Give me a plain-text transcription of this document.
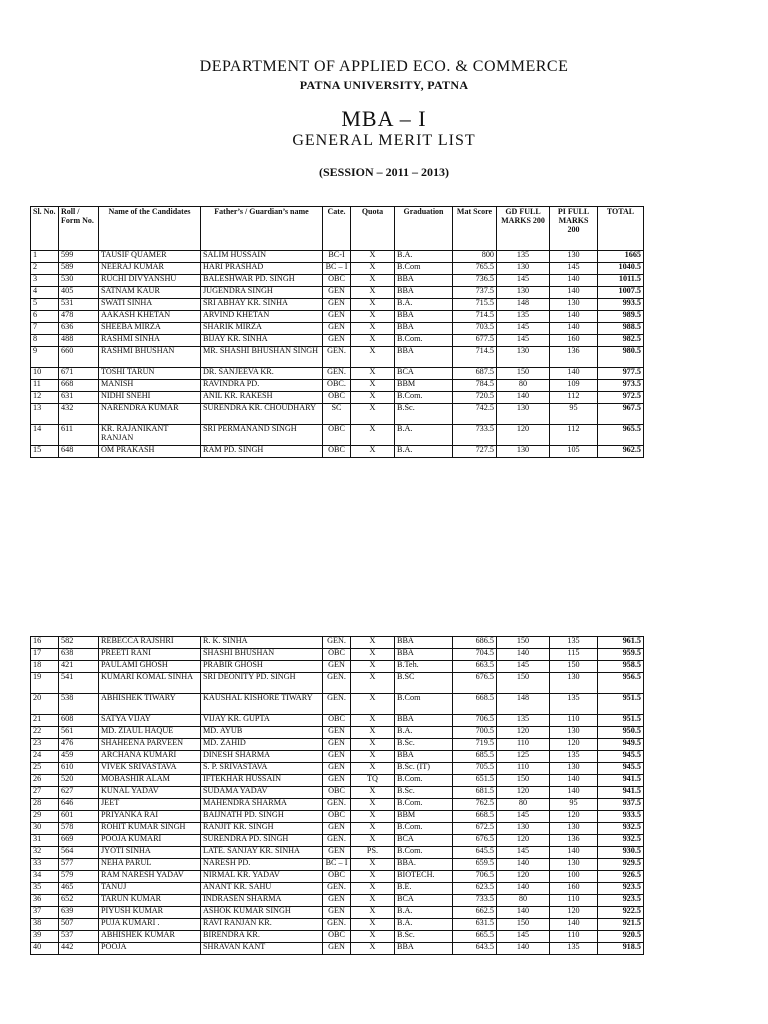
DEPARTMENT OF APPLIED ECO. & COMMERCE
PATNA UNIVERSITY, PATNA
MBA – I
GENERAL MERIT LIST
(SESSION – 2011 – 2013)
Sl. No.	Roll / Form No.	Name of the Candidates	Father’s / Guardian’s name	Cate.	Quota	Graduation	Mat Score	GD FULL MARKS 200	PI FULL MARKS 200	TOTAL
1	599	TAUSIF QUAMER	SALIM HUSSAIN	BC-I	X	B.A.	800	135	130	1665
2	589	NEERAJ KUMAR	HARI PRASHAD	BC – I	X	B.Com	765.5	130	145	1040.5
3	530	RUCHI DIVYANSHU	BALESHWAR PD. SINGH	OBC	X	BBA	736.5	145	140	1011.5
4	405	SATNAM KAUR	JUGENDRA SINGH	GEN	X	BBA	737.5	130	140	1007.5
5	531	SWATI SINHA	SRI ABHAY KR. SINHA	GEN	X	B.A.	715.5	148	130	993.5
6	478	AAKASH KHETAN	ARVIND KHETAN	GEN	X	BBA	714.5	135	140	989.5
7	636	SHEEBA MIRZA	SHARIK MIRZA	GEN	X	BBA	703.5	145	140	988.5
8	488	RASHMI SINHA	BIJAY KR. SINHA	GEN	X	B.Com.	677.5	145	160	982.5
9	660	RASHMI BHUSHAN	MR. SHASHI BHUSHAN SINGH	GEN.	X	BBA	714.5	130	136	980.5
10	671	TOSHI TARUN	DR. SANJEEVA KR.	GEN.	X	BCA	687.5	150	140	977.5
11	668	MANISH	RAVINDRA PD.	OBC.	X	BBM	784.5	80	109	973.5
12	631	NIDHI SNEHI	ANIL KR. RAKESH	OBC	X	B.Com.	720.5	140	112	972.5
13	432	NARENDRA KUMAR	SURENDRA KR. CHOUDHARY	SC	X	B.Sc.	742.5	130	95	967.5
14	611	KR. RAJANIKANT RANJAN	SRI PERMANAND SINGH	OBC	X	B.A.	733.5	120	112	965.5
15	648	OM PRAKASH	RAM PD. SINGH	OBC	X	B.A.	727.5	130	105	962.5
16	582	REBECCA RAJSHRI	R. K. SINHA	GEN.	X	BBA	686.5	150	135	961.5
17	638	PREETI RANI	SHASHI BHUSHAN	OBC	X	BBA	704.5	140	115	959.5
18	421	PAULAMI GHOSH	PRABIR GHOSH	GEN	X	B.Teh.	663.5	145	150	958.5
19	541	KUMARI KOMAL SINHA	SRI DEONITY PD. SINGH	GEN.	X	B.SC	676.5	150	130	956.5
20	538	ABHISHEK TIWARY	KAUSHAL KISHORE TIWARY	GEN.	X	B.Com	668.5	148	135	951.5
21	608	SATYA VIJAY	VIJAY KR. GUPTA	OBC	X	BBA	706.5	135	110	951.5
22	561	MD. ZIAUL HAQUE	MD. AYUB	GEN	X	B.A.	700.5	120	130	950.5
23	476	SHAHEENA PARVEEN	MD. ZAHID	GEN	X	B.Sc.	719.5	110	120	949.5
24	459	ARCHANA KUMARI	DINESH SHARMA	GEN	X	BBA	685.5	125	135	945.5
25	610	VIVEK SRIVASTAVA	S. P. SRIVASTAVA	GEN	X	B.Sc. (IT)	705.5	110	130	945.5
26	520	MOBASHIR ALAM	IFTEKHAR HUSSAIN	GEN	TQ	B.Com.	651.5	150	140	941.5
27	627	KUNAL YADAV	SUDAMA YADAV	OBC	X	B.Sc.	681.5	120	140	941.5
28	646	JEET	MAHENDRA SHARMA	GEN.	X	B.Com.	762.5	80	95	937.5
29	601	PRIYANKA RAI	BAIJNATH PD. SINGH	OBC	X	BBM	668.5	145	120	933.5
30	578	ROHIT KUMAR SINGH	RANJIT KR. SINGH	GEN	X	B.Com.	672.5	130	130	932.5
31	669	POOJA KUMARI	SURENDRA PD. SINGH	GEN.	X	BCA	676.5	120	136	932.5
32	564	JYOTI SINHA	LATE. SANJAY KR. SINHA	GEN	PS.	B.Com.	645.5	145	140	930.5
33	577	NEHA PARUL	NARESH PD.	BC – I	X	BBA.	659.5	140	130	929.5
34	579	RAM NARESH YADAV	NIRMAL KR. YADAV	OBC	X	BIOTECH.	706.5	120	100	926.5
35	465	TANUJ	ANANT KR. SAHU	GEN.	X	B.E.	623.5	140	160	923.5
36	652	TARUN KUMAR	INDRASEN SHARMA	GEN	X	BCA	733.5	80	110	923.5
37	639	PIYUSH KUMAR	ASHOK KUMAR SINGH	GEN	X	B.A.	662.5	140	120	922.5
38	507	PUJA KUMARI .	RAVI RANJAN KR.	GEN.	X	B.A.	631.5	150	140	921.5
39	537	ABHISHEK KUMAR	BIRENDRA KR.	OBC	X	B.Sc.	665.5	145	110	920.5
40	442	POOJA	SHRAVAN KANT	GEN	X	BBA	643.5	140	135	918.5
